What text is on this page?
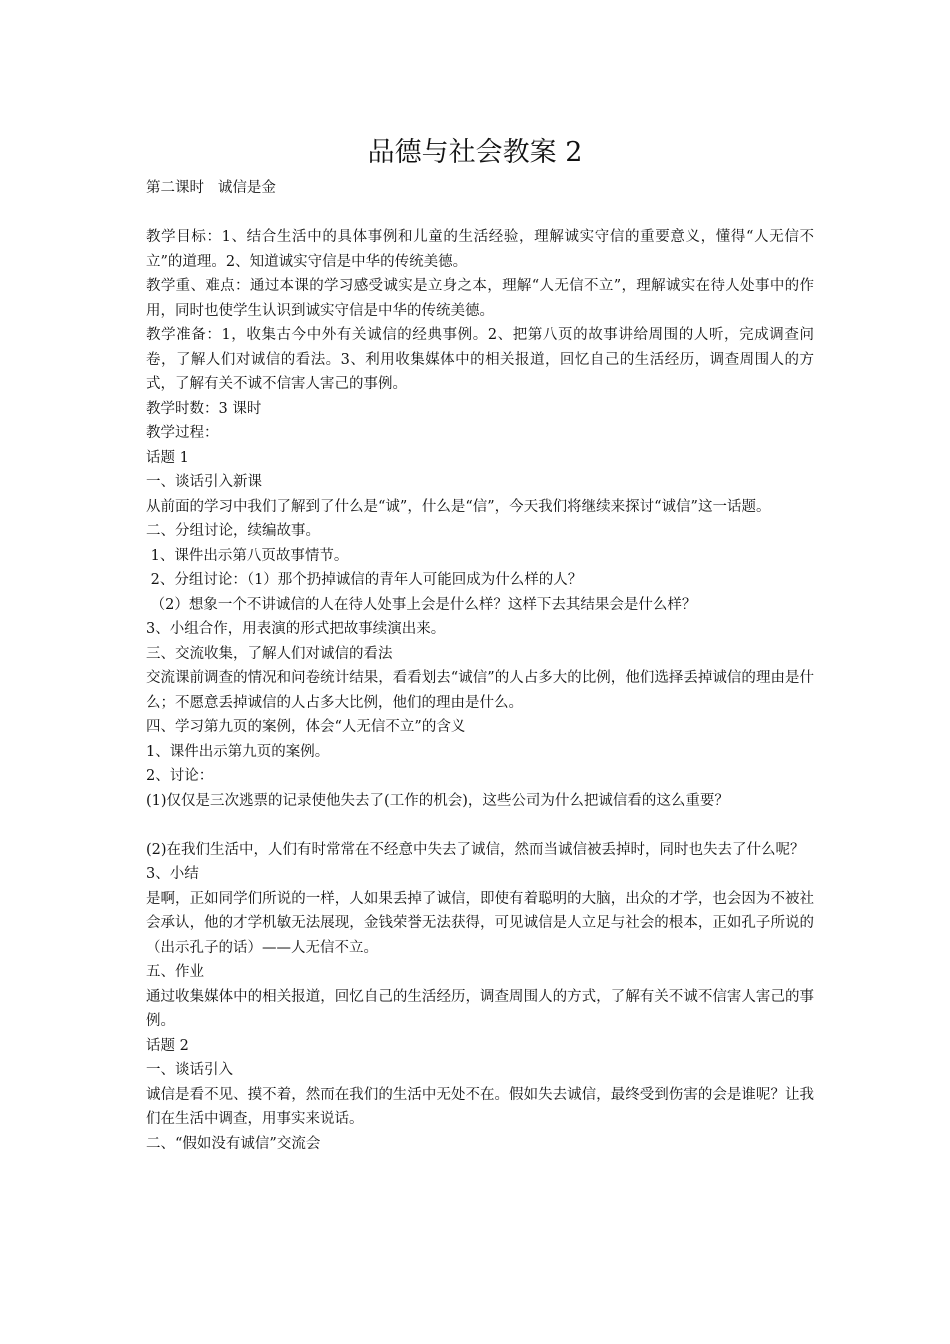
品德与社会教案 2
第二课时   诚信是金
教学目标：1、结合生活中的具体事例和儿童的生活经验，理解诚实守信的重要意义，懂得“人无信不立”的道理。2、知道诚实守信是中华的传统美德。
教学重、难点：通过本课的学习感受诚实是立身之本，理解“人无信不立”，理解诚实在待人处事中的作用，同时也使学生认识到诚实守信是中华的传统美德。
教学准备：1，收集古今中外有关诚信的经典事例。2、把第八页的故事讲给周围的人听，完成调查问卷，了解人们对诚信的看法。3、利用收集媒体中的相关报道，回忆自己的生活经历，调查周围人的方式，了解有关不诚不信害人害己的事例。
教学时数：3 课时
教学过程：
话题 1
一、谈话引入新课
从前面的学习中我们了解到了什么是“诚”，什么是“信”，今天我们将继续来探讨“诚信”这一话题。
二、分组讨论，续编故事。
1、课件出示第八页故事情节。
2、分组讨论：（1）那个扔掉诚信的青年人可能回成为什么样的人？
（2）想象一个不讲诚信的人在待人处事上会是什么样？这样下去其结果会是什么样？
3、小组合作，用表演的形式把故事续演出来。
三、交流收集，了解人们对诚信的看法
交流课前调查的情况和问卷统计结果，看看划去“诚信”的人占多大的比例，他们选择丢掉诚信的理由是什么；不愿意丢掉诚信的人占多大比例，他们的理由是什么。
四、学习第九页的案例，体会“人无信不立”的含义
1、课件出示第九页的案例。
2、讨论：
(1)仅仅是三次逃票的记录使他失去了(工作的机会)，这些公司为什么把诚信看的这么重要？
(2)在我们生活中，人们有时常常在不经意中失去了诚信，然而当诚信被丢掉时，同时也失去了什么呢？
3、小结
是啊，正如同学们所说的一样，人如果丢掉了诚信，即使有着聪明的大脑，出众的才学，也会因为不被社会承认，他的才学机敏无法展现，金钱荣誉无法获得，可见诚信是人立足与社会的根本，正如孔子所说的（出示孔子的话）——人无信不立。
五、作业
通过收集媒体中的相关报道，回忆自己的生活经历，调查周围人的方式，了解有关不诚不信害人害己的事例。
话题 2
一、谈话引入
诚信是看不见、摸不着，然而在我们的生活中无处不在。假如失去诚信，最终受到伤害的会是谁呢？让我们在生活中调查，用事实来说话。
二、“假如没有诚信”交流会
